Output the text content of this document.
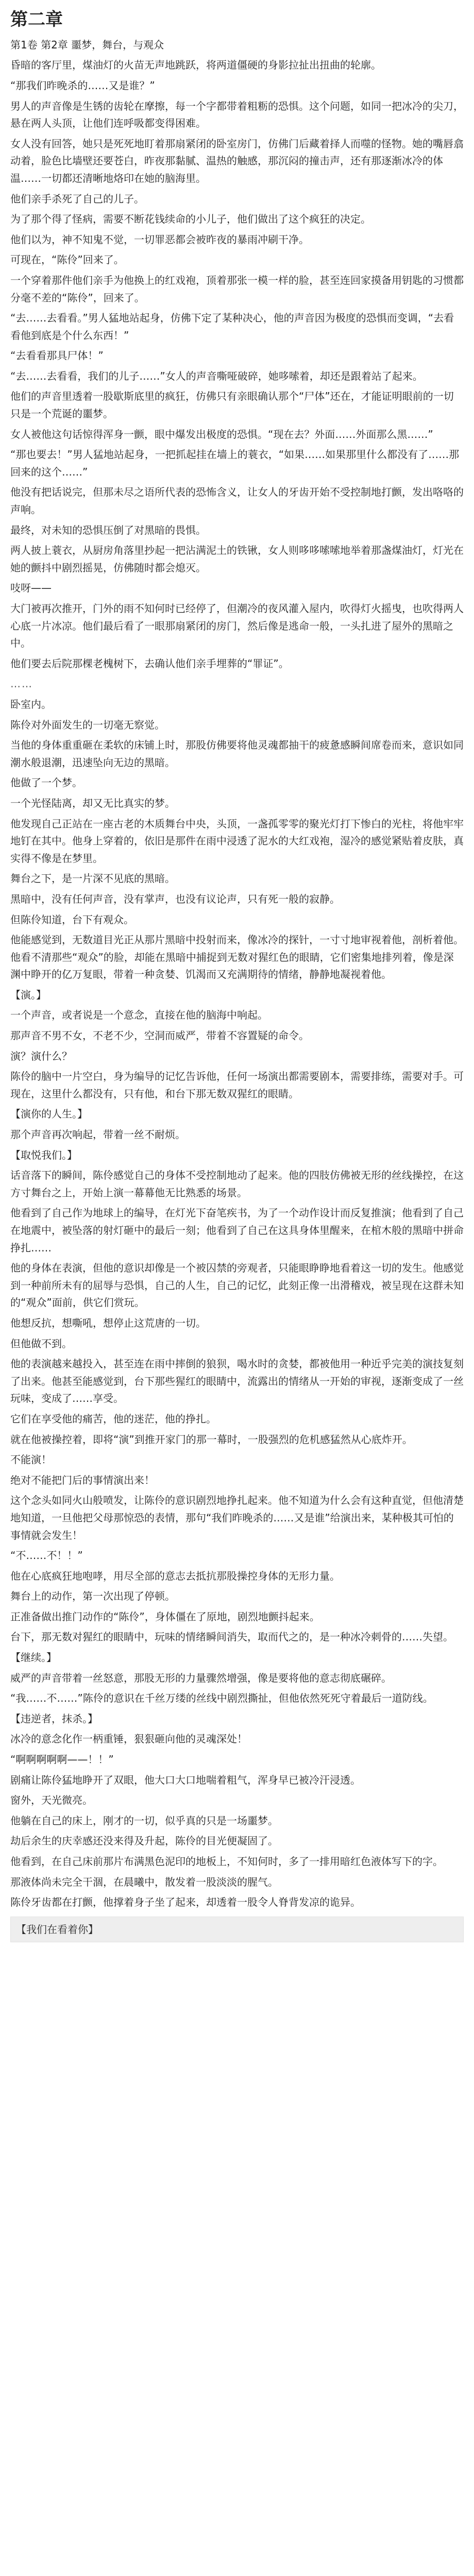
第二章

第1卷 第2章 噩梦，舞台，与观众

昏暗的客厅里，煤油灯的火苗无声地跳跃，将两道僵硬的身影拉扯出扭曲的轮廓。

“那我们昨晚杀的……又是谁？”

男人的声音像是生锈的齿轮在摩擦，每一个字都带着粗粝的恐惧。这个问题，如同一把冰冷的尖刀，悬在两人头顶，让他们连呼吸都变得困难。

女人没有回答，她只是死死地盯着那扇紧闭的卧室房门，仿佛门后藏着择人而噬的怪物。她的嘴唇翕动着，脸色比墙壁还要苍白，昨夜那黏腻、温热的触感，那沉闷的撞击声，还有那逐渐冰冷的体温……一切都还清晰地烙印在她的脑海里。

他们亲手杀死了自己的儿子。

为了那个得了怪病，需要不断花钱续命的小儿子，他们做出了这个疯狂的决定。

他们以为，神不知鬼不觉，一切罪恶都会被昨夜的暴雨冲刷干净。

可现在，“陈伶”回来了。

一个穿着那件他们亲手为他换上的红戏袍，顶着那张一模一样的脸，甚至连回家摸备用钥匙的习惯都分毫不差的“陈伶”，回来了。

“去……去看看。”男人猛地站起身，仿佛下定了某种决心，他的声音因为极度的恐惧而变调，“去看看他到底是个什么东西！”

“去看看那具尸体！”

“去……去看看，我们的儿子……”女人的声音嘶哑破碎，她哆嗦着，却还是跟着站了起来。

他们的声音里透着一股歇斯底里的疯狂，仿佛只有亲眼确认那个“尸体”还在，才能证明眼前的一切只是一个荒诞的噩梦。

女人被他这句话惊得浑身一颤，眼中爆发出极度的恐惧。“现在去？外面……外面那么黑……”

“那也要去！”男人猛地站起身，一把抓起挂在墙上的蓑衣，“如果……如果那里什么都没有了……那回来的这个……”

他没有把话说完，但那未尽之语所代表的恐怖含义，让女人的牙齿开始不受控制地打颤，发出咯咯的声响。

最终，对未知的恐惧压倒了对黑暗的畏惧。

两人披上蓑衣，从厨房角落里抄起一把沾满泥土的铁锹，女人则哆哆嗦嗦地举着那盏煤油灯，灯光在她的颤抖中剧烈摇晃，仿佛随时都会熄灭。

吱呀——

大门被再次推开，门外的雨不知何时已经停了，但潮冷的夜风灌入屋内，吹得灯火摇曳，也吹得两人心底一片冰凉。他们最后看了一眼那扇紧闭的房门，然后像是逃命一般，一头扎进了屋外的黑暗之中。

他们要去后院那棵老槐树下，去确认他们亲手埋葬的“罪证”。

……

卧室内。

陈伶对外面发生的一切毫无察觉。

当他的身体重重砸在柔软的床铺上时，那股仿佛要将他灵魂都抽干的疲惫感瞬间席卷而来，意识如同潮水般退潮，迅速坠向无边的黑暗。

他做了一个梦。

一个光怪陆离，却又无比真实的梦。

他发现自己正站在一座古老的木质舞台中央，头顶，一盏孤零零的聚光灯打下惨白的光柱，将他牢牢地钉在其中。他身上穿着的，依旧是那件在雨中浸透了泥水的大红戏袍，湿冷的感觉紧贴着皮肤，真实得不像是在梦里。

舞台之下，是一片深不见底的黑暗。

黑暗中，没有任何声音，没有掌声，也没有议论声，只有死一般的寂静。

但陈伶知道，台下有观众。

他能感觉到，无数道目光正从那片黑暗中投射而来，像冰冷的探针，一寸寸地审视着他，剖析着他。他看不清那些“观众”的脸，却能在黑暗中捕捉到无数对猩红色的眼睛，它们密集地排列着，像是深渊中睁开的亿万复眼，带着一种贪婪、饥渴而又充满期待的情绪，静静地凝视着他。

【演。】

一个声音，或者说是一个意念，直接在他的脑海中响起。

那声音不男不女，不老不少，空洞而威严，带着不容置疑的命令。

演？演什么？

陈伶的脑中一片空白，身为编导的记忆告诉他，任何一场演出都需要剧本，需要排练，需要对手。可现在，这里什么都没有，只有他，和台下那无数双猩红的眼睛。

【演你的人生。】

那个声音再次响起，带着一丝不耐烦。

【取悦我们。】

话音落下的瞬间，陈伶感觉自己的身体不受控制地动了起来。他的四肢仿佛被无形的丝线操控，在这方寸舞台之上，开始上演一幕幕他无比熟悉的场景。

他看到了自己作为地球上的编导，在灯光下奋笔疾书，为了一个动作设计而反复推演；他看到了自己在地震中，被坠落的射灯砸中的最后一刻；他看到了自己在这具身体里醒来，在棺木般的黑暗中拼命挣扎……

他的身体在表演，但他的意识却像是一个被囚禁的旁观者，只能眼睁睁地看着这一切的发生。他感觉到一种前所未有的屈辱与恐惧，自己的人生，自己的记忆，此刻正像一出滑稽戏，被呈现在这群未知的“观众”面前，供它们赏玩。

他想反抗，想嘶吼，想停止这荒唐的一切。

但他做不到。

他的表演越来越投入，甚至连在雨中摔倒的狼狈，喝水时的贪婪，都被他用一种近乎完美的演技复刻了出来。他甚至能感觉到，台下那些猩红的眼睛中，流露出的情绪从一开始的审视，逐渐变成了一丝玩味，变成了……享受。

它们在享受他的痛苦，他的迷茫，他的挣扎。

就在他被操控着，即将“演”到推开家门的那一幕时，一股强烈的危机感猛然从心底炸开。

不能演！

绝对不能把门后的事情演出来！

这个念头如同火山般喷发，让陈伶的意识剧烈地挣扎起来。他不知道为什么会有这种直觉，但他清楚地知道，一旦他把父母那惊恐的表情，那句“我们昨晚杀的……又是谁”给演出来，某种极其可怕的事情就会发生！

“不……不！！”

他在心底疯狂地咆哮，用尽全部的意志去抵抗那股操控身体的无形力量。

舞台上的动作，第一次出现了停顿。

正准备做出推门动作的“陈伶”，身体僵在了原地，剧烈地颤抖起来。

台下，那无数对猩红的眼睛中，玩味的情绪瞬间消失，取而代之的，是一种冰冷刺骨的……失望。

【继续。】

威严的声音带着一丝怒意，那股无形的力量骤然增强，像是要将他的意志彻底碾碎。

“我……不……”陈伶的意识在千丝万缕的丝线中剧烈撕扯，但他依然死死守着最后一道防线。

【违逆者，抹杀。】

冰冷的意念化作一柄重锤，狠狠砸向他的灵魂深处！

“啊啊啊啊啊——！！”

剧痛让陈伶猛地睁开了双眼，他大口大口地喘着粗气，浑身早已被冷汗浸透。

窗外，天光微亮。

他躺在自己的床上，刚才的一切，似乎真的只是一场噩梦。

劫后余生的庆幸感还没来得及升起，陈伶的目光便凝固了。

他看到，在自己床前那片布满黑色泥印的地板上，不知何时，多了一排用暗红色液体写下的字。

那液体尚未完全干涸，在晨曦中，散发着一股淡淡的腥气。

陈伶牙齿都在打颤，他撑着身子坐了起来，却透着一股令人脊背发凉的诡异。

【我们在看着你】
